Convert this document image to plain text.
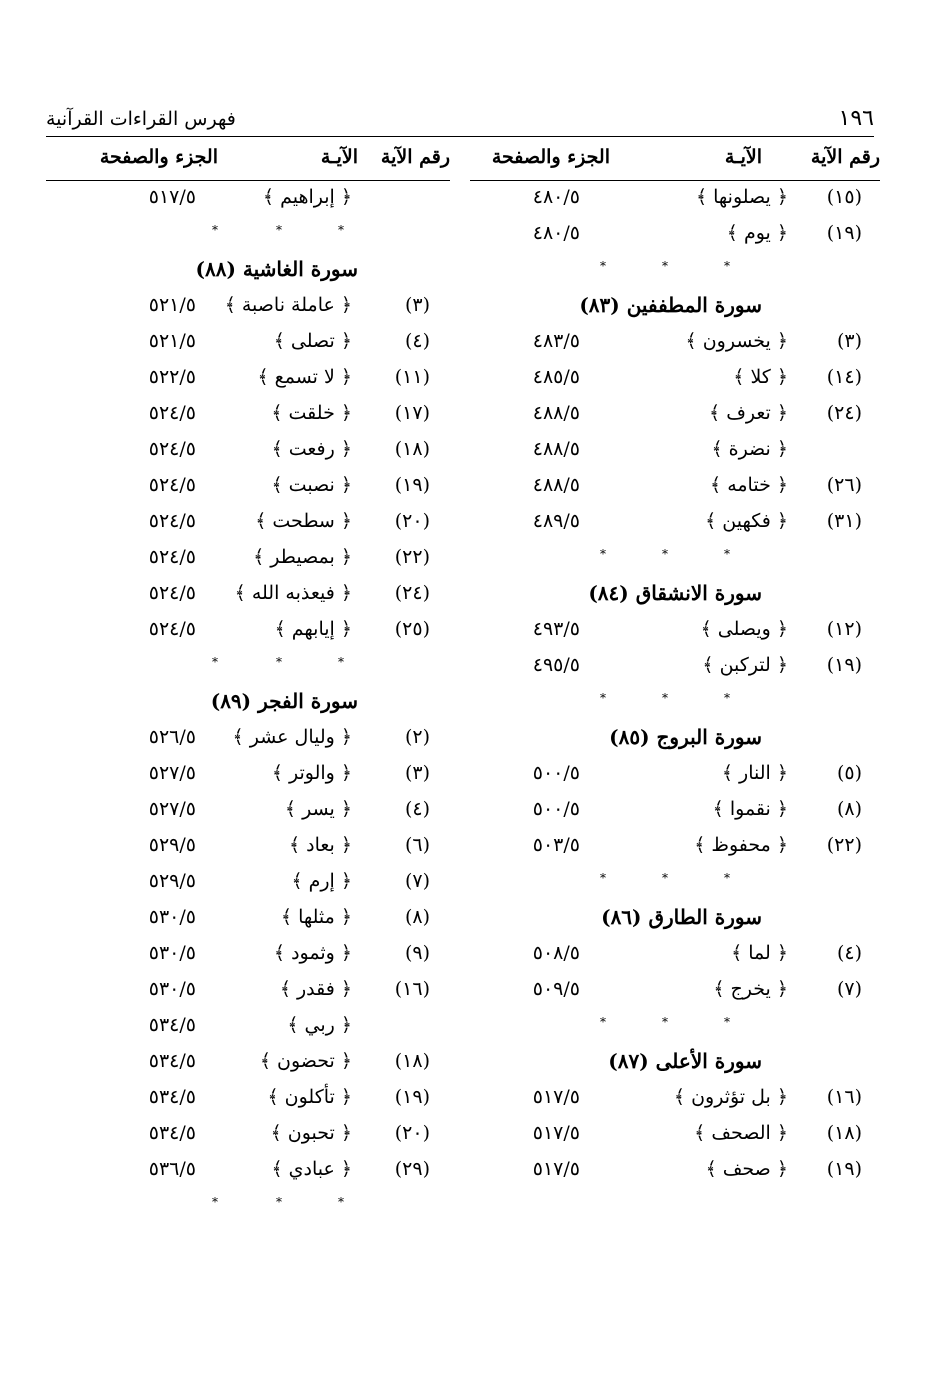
١٩٦
فهرس القراءات القرآنية
رقم الآية
الآيـة
الجزء والصفحة
(١٥)
﴿ يصلونها ﴾
٤٨٠/٥
(١٩)
﴿ يوم ﴾
٤٨٠/٥
*
*
*
سورة المطففين (٨٣)
(٣)
﴿ يخسرون ﴾
٤٨٣/٥
(١٤)
﴿ كلا ﴾
٤٨٥/٥
(٢٤)
﴿ تعرف ﴾
٤٨٨/٥
﴿ نضرة ﴾
٤٨٨/٥
(٢٦)
﴿ ختامه ﴾
٤٨٨/٥
(٣١)
﴿ فكهين ﴾
٤٨٩/٥
*
*
*
سورة الانشقاق (٨٤)
(١٢)
﴿ ويصلى ﴾
٤٩٣/٥
(١٩)
﴿ لتركبن ﴾
٤٩٥/٥
*
*
*
سورة البروج (٨٥)
(٥)
﴿ النار ﴾
٥٠٠/٥
(٨)
﴿ نقموا ﴾
٥٠٠/٥
(٢٢)
﴿ محفوظ ﴾
٥٠٣/٥
*
*
*
سورة الطارق (٨٦)
(٤)
﴿ لما ﴾
٥٠٨/٥
(٧)
﴿ يخرج ﴾
٥٠٩/٥
*
*
*
سورة الأعلى (٨٧)
(١٦)
﴿ بل تؤثرون ﴾
٥١٧/٥
(١٨)
﴿ الصحف ﴾
٥١٧/٥
(١٩)
﴿ صحف ﴾
٥١٧/٥
رقم الآية
الآيـة
الجزء والصفحة
﴿ إبراهيم ﴾
٥١٧/٥
*
*
*
سورة الغاشية (٨٨)
(٣)
﴿ عاملة ناصبة ﴾
٥٢١/٥
(٤)
﴿ تصلى ﴾
٥٢١/٥
(١١)
﴿ لا تسمع ﴾
٥٢٢/٥
(١٧)
﴿ خلقت ﴾
٥٢٤/٥
(١٨)
﴿ رفعت ﴾
٥٢٤/٥
(١٩)
﴿ نصبت ﴾
٥٢٤/٥
(٢٠)
﴿ سطحت ﴾
٥٢٤/٥
(٢٢)
﴿ بمصيطر ﴾
٥٢٤/٥
(٢٤)
﴿ فيعذبه الله ﴾
٥٢٤/٥
(٢٥)
﴿ إيابهم ﴾
٥٢٤/٥
*
*
*
سورة الفجر (٨٩)
(٢)
﴿ وليال عشر ﴾
٥٢٦/٥
(٣)
﴿ والوتر ﴾
٥٢٧/٥
(٤)
﴿ يسر ﴾
٥٢٧/٥
(٦)
﴿ بعاد ﴾
٥٢٩/٥
(٧)
﴿ إرم ﴾
٥٢٩/٥
(٨)
﴿ مثلها ﴾
٥٣٠/٥
(٩)
﴿ وثمود ﴾
٥٣٠/٥
(١٦)
﴿ فقدر ﴾
٥٣٠/٥
﴿ ربي ﴾
٥٣٤/٥
(١٨)
﴿ تحضون ﴾
٥٣٤/٥
(١٩)
﴿ تأكلون ﴾
٥٣٤/٥
(٢٠)
﴿ تحبون ﴾
٥٣٤/٥
(٢٩)
﴿ عبادي ﴾
٥٣٦/٥
*
*
*
